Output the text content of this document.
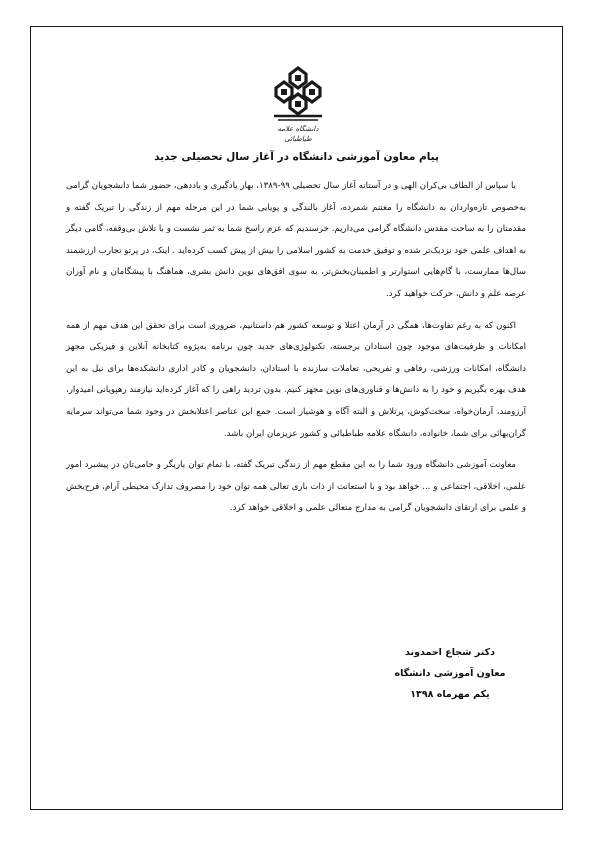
دانشگاه علامه طباطبائی
پیام معاون آموزشی دانشگاه در آغاز سال تحصیلی جدید

با سپاس از الطاف بی‌کران الهی و در آستانه آغاز سال تحصیلی ۹۹-۱۳۸۹، بهار یادگیری و یاددهی، حضور شما دانشجویان گرامی به‌خصوص تازه‌واردان به دانشگاه را مغتنم شمرده، آغاز بالندگی و پویایی شما در این مرحله مهم از زندگی را تبریک گفته و مقدمتان را به ساحت مقدس دانشگاه گرامی می‌داریم. خرسندیم که عزم راسخ شما به ثمر نشست و با تلاش بی‌وقفه، گامی دیگر به اهداف علمی خود نزدیک‌تر شده و توفیق خدمت به کشور اسلامی را بیش از پیش کسب کرده‌اید . اینک، در پرتو تجارب ارزشمند سال‌ها ممارست، با گام‌هایی استوارتر و اطمینان‌بخش‌تر، به سوی افق‌های نوین دانش بشری، هماهنگ با پیشگامان و نام آوران عرصه علم و دانش، حرکت خواهید کرد.

اکنون که به رغم تفاوت‌ها، همگی در آرمان اعتلا و توسعه کشور هم داستانیم، ضروری است برای تحقق این هدف مهم از همه امکانات و ظرفیت‌های موجود چون استادان برجسته، تکنولوژی‌های جدید چون برنامه به‌پژوه کتابخانه آنلاین و فیزیکی مجهز دانشگاه، امکانات ورزشی، رفاهی و تفریحی، تعاملات سازنده با استادان، دانشجویان و کادر اداری دانشکده‌ها برای نیل به این هدف بهره بگیریم و خود را به دانش‌ها و فناوری‌های نوین مجهز کنیم. بدون تردید راهی را که آغاز کرده‌اید نیازمند رهپویانی امیدوار، آرزومند، آرمان‌خواه، سخت‌کوش، پرتلاش و البته آگاه و هوشیار است. جمع این عناصر اعتلابخش در وجود شما می‌تواند سرمایه گران‌بهائی برای شما، خانواده، دانشگاه علامه طباطبائی و کشور عزیزمان ایران باشد.

معاونت آموزشی دانشگاه ورود شما را به این مقطع مهم از زندگی تبریک گفته، با تمام توان یاریگر و حامی‌تان در پیشبرد امور علمی، اخلاقی، اجتماعی و ... خواهد بود و با استعانت از ذات باری تعالی همه توان خود را مصروف تدارک محیطی آرام، فرح‌بخش و علمی برای ارتقای دانشجویان گرامی به مدارج متعالی علمی و اخلاقی خواهد کرد.

دکتر شجاع احمدوند
معاون آموزشی دانشگاه
یکم مهرماه ۱۳۹۸
